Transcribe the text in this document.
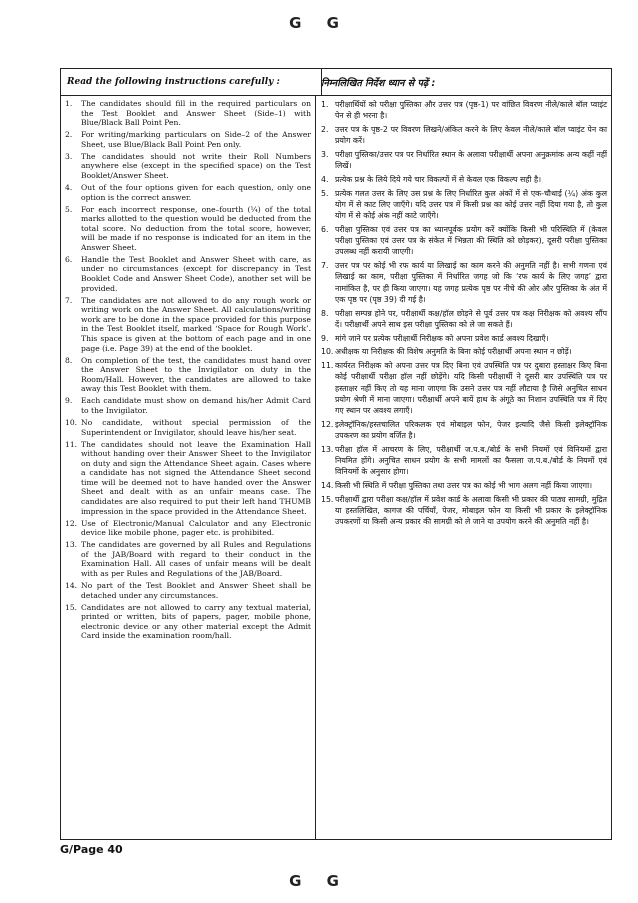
G G
Read the following instructions carefully :	निम्नलिखित निर्देश ध्यान से पढ़ें :
1.	The candidates should fill in the required particulars on the Test Booklet and Answer Sheet (Side–1) with Blue/Black Ball Point Pen.
2.	For writing/marking particulars on Side–2 of the Answer Sheet, use Blue/Black Ball Point Pen only.
3.	The candidates should not write their Roll Numbers anywhere else (except in the specified space) on the Test Booklet/Answer Sheet.
4.	Out of the four options given for each question, only one option is the correct answer.
5.	For each incorrect response, one–fourth (¼) of the total marks allotted to the question would be deducted from the total score. No deduction from the total score, however, will be made if no response is indicated for an item in the Answer Sheet.
6.	Handle the Test Booklet and Answer Sheet with care, as under no circumstances (except for discrepancy in Test Booklet Code and Answer Sheet Code), another set will be provided.
7.	The candidates are not allowed to do any rough work or writing work on the Answer Sheet. All calculations/writing work are to be done in the space provided for this purpose in the Test Booklet itself, marked ‘Space for Rough Work’. This space is given at the bottom of each page and in one page (i.e. Page 39) at the end of the booklet.
8.	On completion of the test, the candidates must hand over the Answer Sheet to the Invigilator on duty in the Room/Hall. However, the candidates are allowed to take away this Test Booklet with them.
9.	Each candidate must show on demand his/her Admit Card to the Invigilator.
10. No candidate, without special permission of the Superintendent or Invigilator, should leave his/her seat.
11. The candidates should not leave the Examination Hall without handing over their Answer Sheet to the Invigilator on duty and sign the Attendance Sheet again. Cases where a candidate has not signed the Attendance Sheet second time will be deemed not to have handed over the Answer Sheet and dealt with as an unfair means case. The candidates are also required to put their left hand THUMB impression in the space provided in the Attendance Sheet.
12. Use of Electronic/Manual Calculator and any Electronic device like mobile phone, pager etc. is prohibited.
13. The candidates are governed by all Rules and Regulations of the JAB/Board with regard to their conduct in the Examination Hall. All cases of unfair means will be dealt with as per Rules and Regulations of the JAB/Board.
14. No part of the Test Booklet and Answer Sheet shall be detached under any circumstances.
15. Candidates are not allowed to carry any textual material, printed or written, bits of papers, pager, mobile phone, electronic device or any other material except the Admit Card inside the examination room/hall.
1. परीक्षार्थियों को परीक्षा पुस्तिका और उत्तर पत्र (पृष्ठ-1) पर वांछित विवरण नीले/काले बॉल प्वाइंट पेन से ही भरना है।
2. उत्तर पत्र के पृष्ठ-2 पर विवरण लिखने/अंकित करने के लिए केवल नीले/काले बॉल प्वाइंट पेन का प्रयोग करें।
3. परीक्षा पुस्तिका/उत्तर पत्र पर निर्धारित स्थान के अलावा परीक्षार्थी अपना अनुक्रमांक अन्य कहीं नहीं लिखें।
4. प्रत्येक प्रश्न के लिये दिये गये चार विकल्पों में से केवल एक विकल्प सही है।
5. प्रत्येक गलत उत्तर के लिए उस प्रश्न के लिए निर्धारित कुल अंकों में से एक-चौथाई (¼) अंक कुल योग में से काट लिए जाएँगे। यदि उत्तर पत्र में किसी प्रश्न का कोई उत्तर नहीं दिया गया है, तो कुल योग में से कोई अंक नहीं काटे जाएँगे।
6. परीक्षा पुस्तिका एवं उत्तर पत्र का ध्यानपूर्वक प्रयोग करें क्योंकि किसी भी परिस्थिति में (केवल परीक्षा पुस्तिका एवं उत्तर पत्र के संकेत में भिन्नता की स्थिति को छोड़कर), दूसरी परीक्षा पुस्तिका उपलब्ध नहीं करायी जाएगी।
7. उत्तर पत्र पर कोई भी रफ कार्य या लिखाई का काम करने की अनुमति नहीं है। सभी गणना एवं लिखाई का काम, परीक्षा पुस्तिका में निर्धारित जगह जो कि ‘रफ कार्य के लिए जगह’ द्वारा नामांकित है, पर ही किया जाएगा। यह जगह प्रत्येक पृष्ठ पर नीचे की ओर और पुस्तिका के अंत में एक पृष्ठ पर (पृष्ठ 39) दी गई है।
8. परीक्षा सम्पन्न होने पर, परीक्षार्थी कक्ष/हॉल छोड़ने से पूर्व उत्तर पत्र कक्ष निरीक्षक को अवश्य सौंप दें। परीक्षार्थी अपने साथ इस परीक्षा पुस्तिका को ले जा सकते हैं।
9. मांगे जाने पर प्रत्येक परीक्षार्थी निरीक्षक को अपना प्रवेश कार्ड अवश्य दिखाएँ।
10. अधीक्षक या निरीक्षक की विशेष अनुमति के बिना कोई परीक्षार्थी अपना स्थान न छोड़ें।
11. कार्यरत निरीक्षक को अपना उत्तर पत्र दिए बिना एवं उपस्थिति पत्र पर दुबारा हस्ताक्षर किए बिना कोई परीक्षार्थी परीक्षा हॉल नहीं छोड़ेंगे। यदि किसी परीक्षार्थी ने दूसरी बार उपस्थिति पत्र पर हस्ताक्षर नहीं किए तो यह माना जाएगा कि उसने उत्तर पत्र नहीं लौटाया है जिसे अनुचित साधन प्रयोग श्रेणी में माना जाएगा। परीक्षार्थी अपने बायें हाथ के अंगूठे का निशान उपस्थिति पत्र में दिए गए स्थान पर अवश्य लगाएँ।
12. इलेक्ट्रॉनिक/हस्तचालित परिकलक एवं मोबाइल फोन, पेजर इत्यादि जैसे किसी इलेक्ट्रॉनिक उपकरण का प्रयोग वर्जित है।
13. परीक्षा हॉल में आचरण के लिए, परीक्षार्थी ज.प.ब./बोर्ड के सभी नियमों एवं विनियमों द्वारा नियमित होंगे। अनुचित साधन प्रयोग के सभी मामलों का फैसला ज.प.ब./बोर्ड के नियमों एवं विनियमों के अनुसार होगा।
14. किसी भी स्थिति में परीक्षा पुस्तिका तथा उत्तर पत्र का कोई भी भाग अलग नहीं किया जाएगा।
15. परीक्षार्थी द्वारा परीक्षा कक्ष/हॉल में प्रवेश कार्ड के अलावा किसी भी प्रकार की पाठ्य सामग्री, मुद्रित या हस्तलिखित, कागज की पर्चियाँ, पेजर, मोबाइल फोन या किसी भी प्रकार के इलेक्ट्रॉनिक उपकरणों या किसी अन्य प्रकार की सामग्री को ले जाने या उपयोग करने की अनुमति नहीं है।
G/Page 40
G G
